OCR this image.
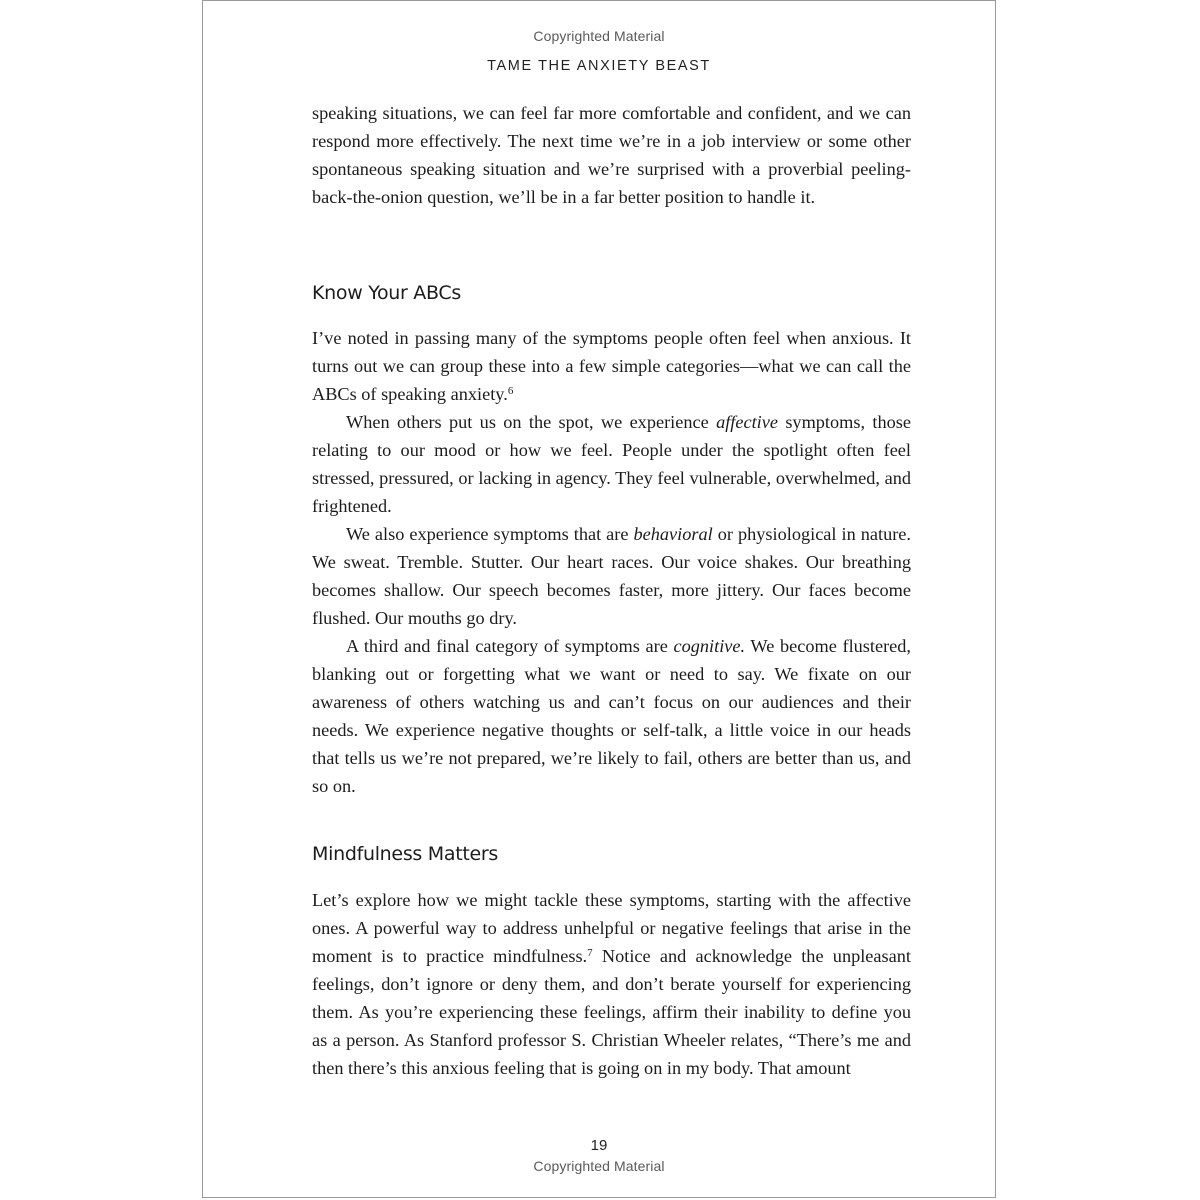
Copyrighted Material
TAME THE ANXIETY BEAST

speaking situations, we can feel far more comfortable and confident, and we can respond more effectively. The next time we’re in a job interview or some other spontaneous speaking situation and we’re surprised with a proverbial peeling-back-the-onion question, we’ll be in a far better position to handle it.

Know Your ABCs

I’ve noted in passing many of the symptoms people often feel when anxious. It turns out we can group these into a few simple categories—what we can call the ABCs of speaking anxiety.$^6$

When others put us on the spot, we experience affective symptoms, those relating to our mood or how we feel. People under the spotlight often feel stressed, pressured, or lacking in agency. They feel vulnerable, overwhelmed, and frightened.

We also experience symptoms that are behavioral or physiological in nature. We sweat. Tremble. Stutter. Our heart races. Our voice shakes. Our breathing becomes shallow. Our speech becomes faster, more jittery. Our faces become flushed. Our mouths go dry.

A third and final category of symptoms are cognitive. We become flustered, blanking out or forgetting what we want or need to say. We fixate on our awareness of others watching us and can’t focus on our audiences and their needs. We experience negative thoughts or self-talk, a little voice in our heads that tells us we’re not prepared, we’re likely to fail, others are better than us, and so on.

Mindfulness Matters

Let’s explore how we might tackle these symptoms, starting with the affective ones. A powerful way to address unhelpful or negative feelings that arise in the moment is to practice mindfulness.$^7$ Notice and acknowledge the unpleasant feelings, don’t ignore or deny them, and don’t berate yourself for experiencing them. As you’re experiencing these feelings, affirm their inability to define you as a person. As Stanford professor S. Christian Wheeler relates, “There’s me and then there’s this anxious feeling that is going on in my body. That amount

19
Copyrighted Material
